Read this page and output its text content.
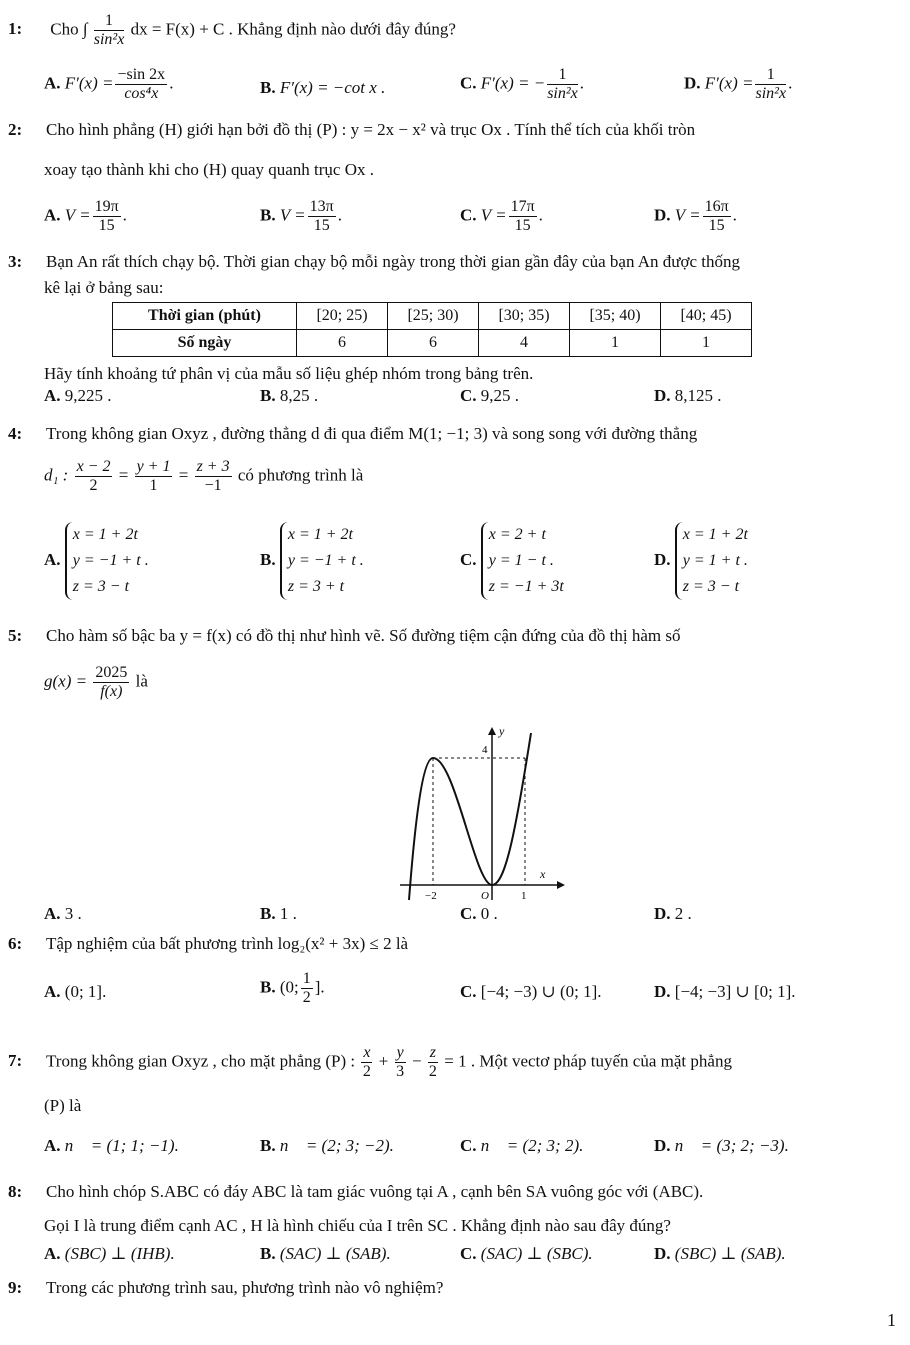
1: Cho ∫ $\frac{1}{\text{sin²x}}$ dx = F(x) + C . Khẳng định nào dưới đây đúng?
A. $F'(x) = \frac{-\sin 2x}{\text{cos⁴x}}$ .	B. F′(x) = −cot x .	C. F′(x) = − $\frac{1}{\text{sin²x}}$ .	D. $F'(x) = \frac{1}{\text{sin²x}}$ .
2: Cho hình phẳng (H) giới hạn bởi đồ thị (P) : y = 2x − x² và trục Ox . Tính thể tích của khối tròn
xoay tạo thành khi cho (H) quay quanh trục Ox .
A. $V = \frac{19\pi}{15}$ .	B. $V = \frac{13\pi}{15}$ .	C. $V = \frac{17\pi}{15}$ .	D. $V = \frac{16\pi}{15}$ .
3: Bạn An rất thích chạy bộ. Thời gian chạy bộ mỗi ngày trong thời gian gần đây của bạn An được thống
kê lại ở bảng sau:
Thời gian (phút)	[20; 25)	[25; 30)	[30; 35)	[35; 40)	[40; 45)
Số ngày	6	6	4	1	1
Hãy tính khoảng tứ phân vị của mẫu số liệu ghép nhóm trong bảng trên.
A. 9,225 .	B. 8,25 .	C. 9,25 .	D. 8,125 .
4: Trong không gian Oxyz , đường thẳng d đi qua điểm M(1; −1; 3) và song song với đường thẳng
d₁ : $\frac{x - 2}{2} = \frac{y + 1}{1} = \frac{z + 3}{-1}$ có phương trình là
A. x = 1 + 2t
y = −1 + t .
z = 3 − t
B. x = 1 + 2t
y = −1 + t .
z = 3 + t
C. x = 2 + t
y = 1 − t .
z = −1 + 3t
D. x = 1 + 2t
y = 1 + t .
z = 3 − t
5: Cho hàm số bậc ba y = f(x) có đồ thị như hình vẽ. Số đường tiệm cận đứng của đồ thị hàm số
$g(x) = \frac{2025}{f(x)}$ là
y
x
4
−2	O	1
A. 3 .	B. 1 .	C. 0 .	D. 2 .
6: Tập nghiệm của bất phương trình log₂(x² + 3x) ≤ 2 là
A. (0; 1].	B. (0; $\frac{1}{2}$ ].	C. [−4; −3) ∪ (0; 1].	D. [−4; −3] ∪ [0; 1].
7: Trong không gian Oxyz , cho mặt phẳng (P) : $\frac{x}{2} + \frac{y}{3} - \frac{z}{2} = 1$ . Một vectơ pháp tuyến của mặt phẳng
(P) là
A. n⃗ = (1; 1; −1).	B. n⃗ = (2; 3; −2).	C. n⃗ = (2; 3; 2).	D. n⃗ = (3; 2; −3).
8: Cho hình chóp S.ABC có đáy ABC là tam giác vuông tại A , cạnh bên SA vuông góc với (ABC).
Gọi I là trung điểm cạnh AC , H là hình chiếu của I trên SC . Khẳng định nào sau đây đúng?
A. (SBC) ⊥ (IHB).	B. (SAC) ⊥ (SAB).	C. (SAC) ⊥ (SBC).	D. (SBC) ⊥ (SAB).
9: Trong các phương trình sau, phương trình nào vô nghiệm?
1
